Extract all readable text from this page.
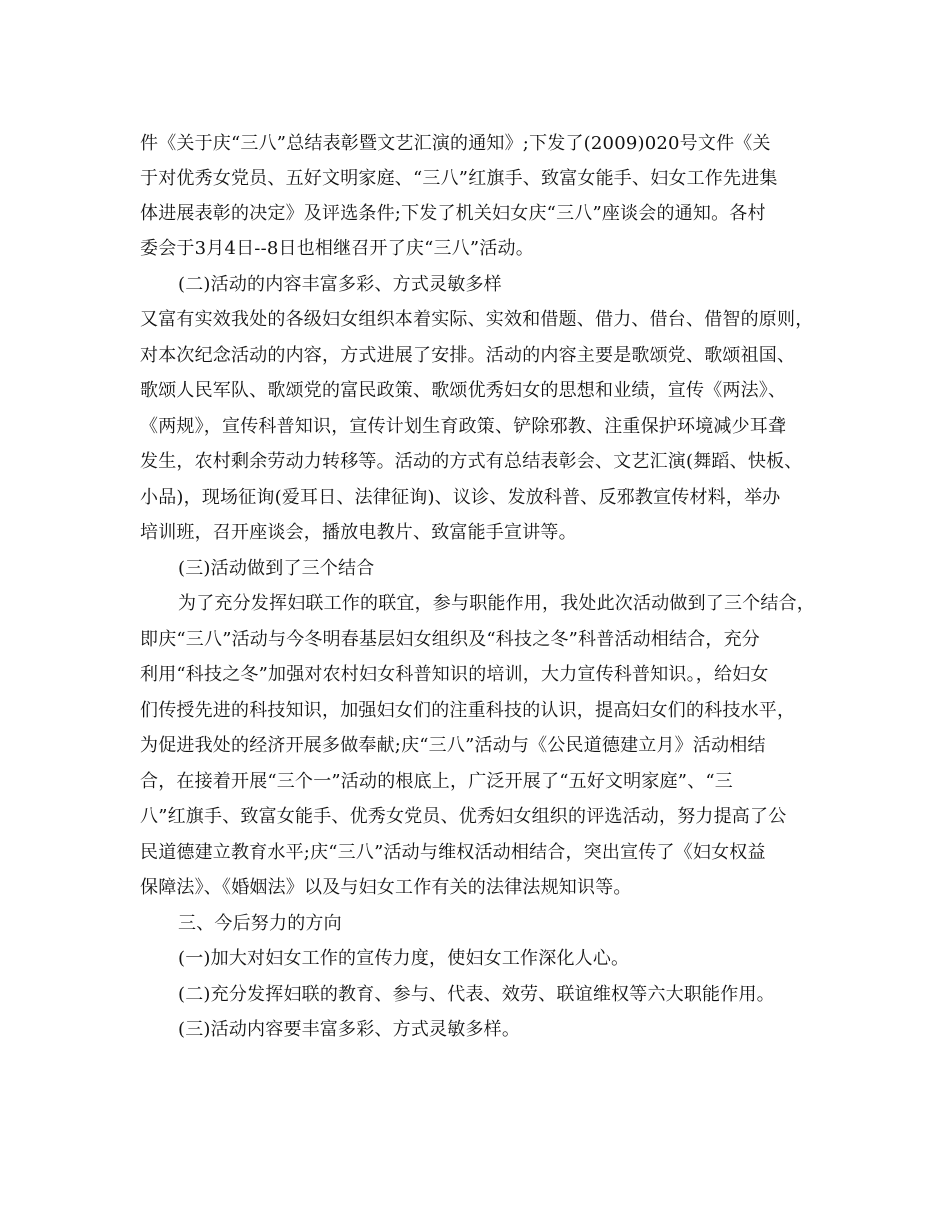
件《关于庆“三八”总结表彰暨文艺汇演的通知》;下发了(2009)020号文件《关
于对优秀女党员、五好文明家庭、“三八”红旗手、致富女能手、妇女工作先进集
体进展表彰的决定》及评选条件;下发了机关妇女庆“三八”座谈会的通知。各村
委会于3月4日--8日也相继召开了庆“三八”活动。
(二)活动的内容丰富多彩、方式灵敏多样
又富有实效我处的各级妇女组织本着实际、实效和借题、借力、借台、借智的原则，
对本次纪念活动的内容，方式进展了安排。活动的内容主要是歌颂党、歌颂祖国、
歌颂人民军队、歌颂党的富民政策、歌颂优秀妇女的思想和业绩，宣传《两法》、
《两规》，宣传科普知识，宣传计划生育政策、铲除邪教、注重保护环境减少耳聋
发生，农村剩余劳动力转移等。活动的方式有总结表彰会、文艺汇演(舞蹈、快板、
小品)，现场征询(爱耳日、法律征询)、议诊、发放科普、反邪教宣传材料，举办
培训班，召开座谈会，播放电教片、致富能手宣讲等。
(三)活动做到了三个结合
为了充分发挥妇联工作的联宜，参与职能作用，我处此次活动做到了三个结合，
即庆“三八”活动与今冬明春基层妇女组织及“科技之冬”科普活动相结合，充分
利用“科技之冬”加强对农村妇女科普知识的培训，大力宣传科普知识。，给妇女
们传授先进的科技知识，加强妇女们的注重科技的认识，提高妇女们的科技水平，
为促进我处的经济开展多做奉献;庆“三八”活动与《公民道德建立月》活动相结
合，在接着开展“三个一”活动的根底上，广泛开展了“五好文明家庭”、“三
八”红旗手、致富女能手、优秀女党员、优秀妇女组织的评选活动，努力提高了公
民道德建立教育水平;庆“三八”活动与维权活动相结合，突出宣传了《妇女权益
保障法》、《婚姻法》以及与妇女工作有关的法律法规知识等。
三、今后努力的方向
(一)加大对妇女工作的宣传力度，使妇女工作深化人心。
(二)充分发挥妇联的教育、参与、代表、效劳、联谊维权等六大职能作用。
(三)活动内容要丰富多彩、方式灵敏多样。
